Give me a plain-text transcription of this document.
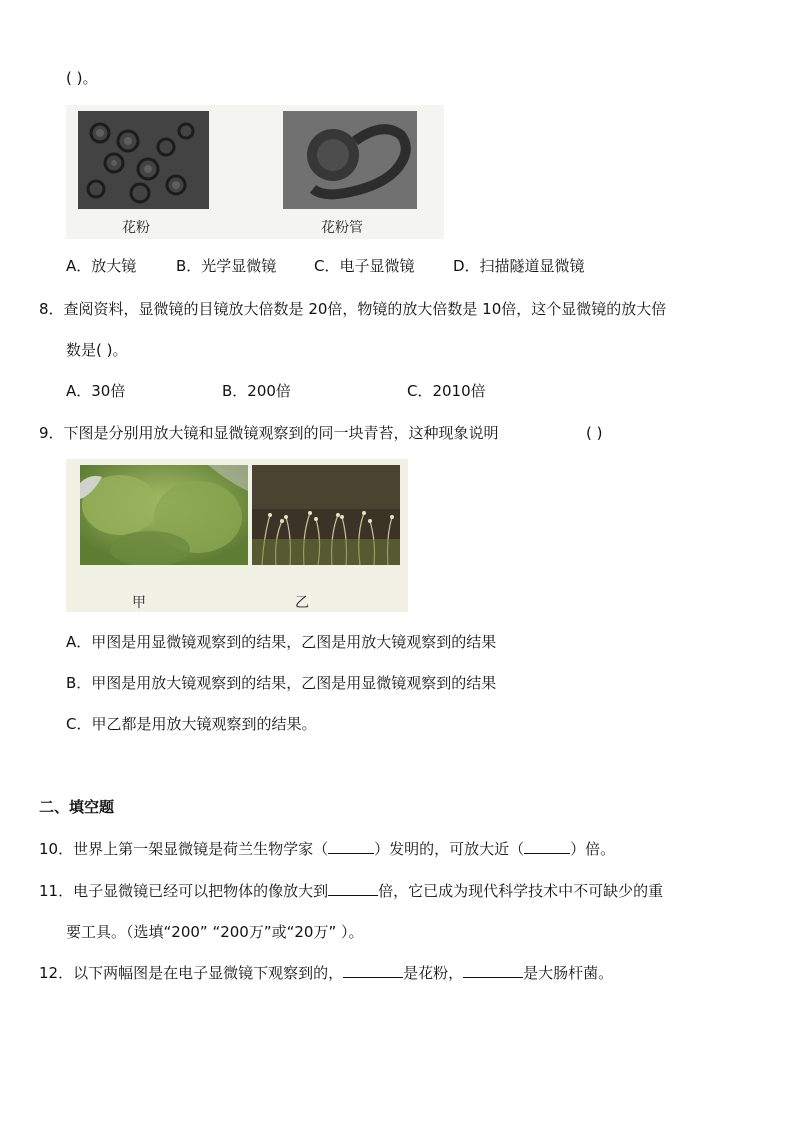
( )。
花粉	花粉管
A．放大镜	B．光学显微镜	C．电子显微镜	D．扫描隧道显微镜
8．查阅资料，显微镜的目镜放大倍数是 20倍，物镜的放大倍数是 10倍，这个显微镜的放大倍
数是( )。
A．30倍	B．200倍	C．2010倍
9．下图是分别用放大镜和显微镜观察到的同一块青苔，这种现象说明	( )
甲	乙
A．甲图是用显微镜观察到的结果，乙图是用放大镜观察到的结果
B．甲图是用放大镜观察到的结果，乙图是用显微镜观察到的结果
C．甲乙都是用放大镜观察到的结果。
二、填空题
10．世界上第一架显微镜是荷兰生物学家（	）发明的，可放大近（	）倍。
11．电子显微镜已经可以把物体的像放大到	倍，它已成为现代科学技术中不可缺少的重
要工具。（选填“200” “200万”或“20万” ）。
12．以下两幅图是在电子显微镜下观察到的，	是花粉，	是大肠杆菌。
